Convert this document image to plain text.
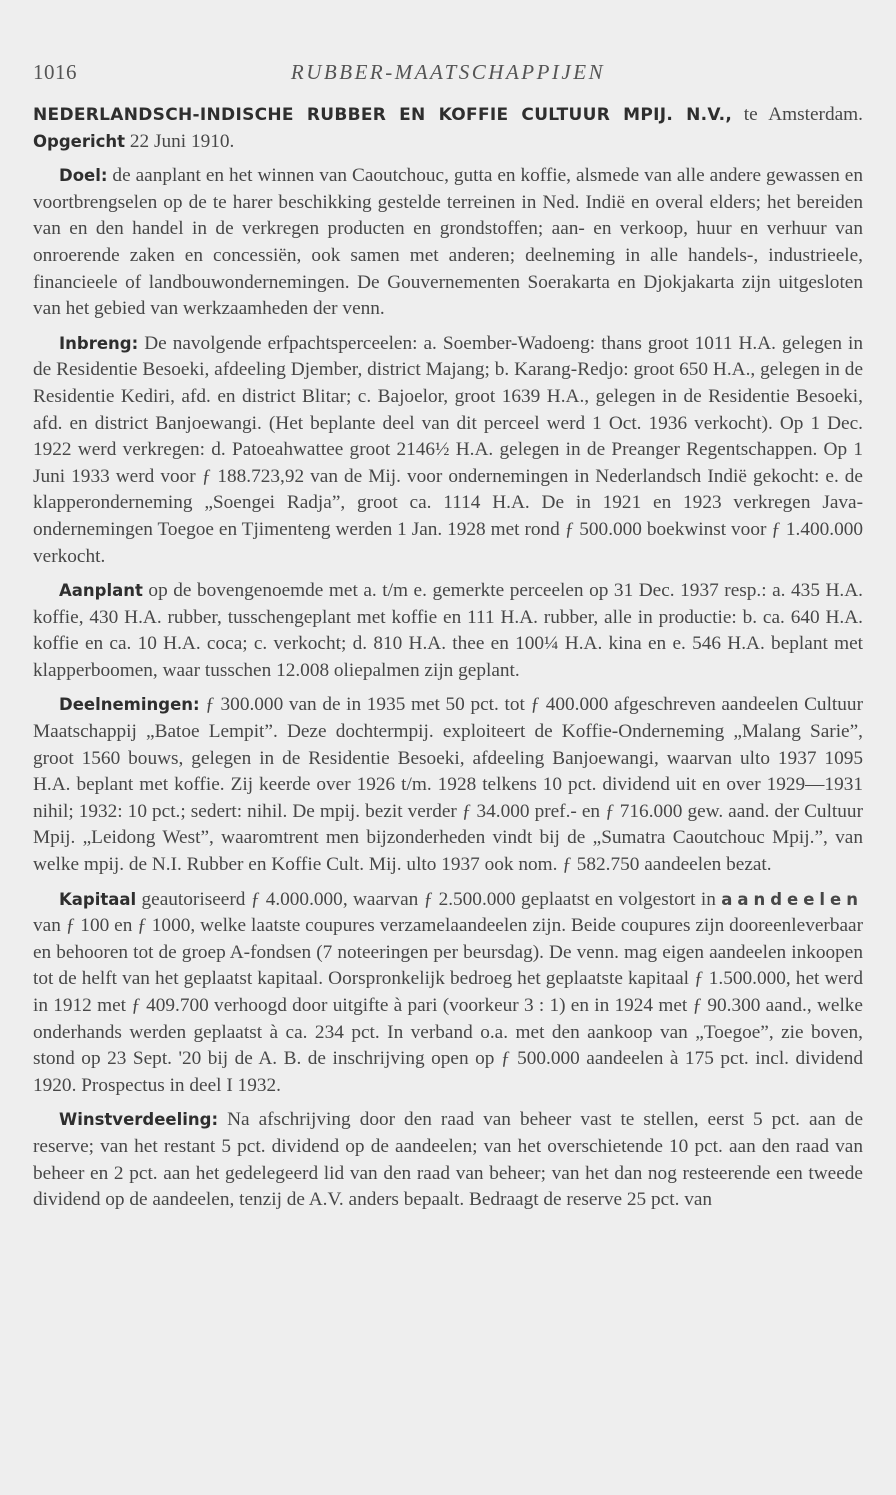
1016	RUBBER-MAATSCHAPPIJEN

NEDERLANDSCH-INDISCHE RUBBER EN KOFFIE CULTUUR MPIJ. N.V., te Amsterdam. Opgericht 22 Juni 1910.

Doel: de aanplant en het winnen van Caoutchouc, gutta en koffie, alsmede van alle andere gewassen en voortbrengselen op de te harer beschikking gestelde terreinen in Ned. Indië en overal elders; het bereiden van en den handel in de verkregen producten en grondstoffen; aan- en verkoop, huur en verhuur van onroerende zaken en concessiën, ook samen met anderen; deelneming in alle handels-, industrieele, financieele of landbouwondernemingen. De Gouvernementen Soerakarta en Djokjakarta zijn uitgesloten van het gebied van werkzaamheden der venn.

Inbreng: De navolgende erfpachtsperceelen: a. Soember-Wadoeng: thans groot 1011 H.A. gelegen in de Residentie Besoeki, afdeeling Djember, district Majang; b. Karang-Redjo: groot 650 H.A., gelegen in de Residentie Kediri, afd. en district Blitar; c. Bajoelor, groot 1639 H.A., gelegen in de Residentie Besoeki, afd. en district Banjoewangi. (Het beplante deel van dit perceel werd 1 Oct. 1936 verkocht). Op 1 Dec. 1922 werd verkregen: d. Patoeahwattee groot 2146½ H.A. gelegen in de Preanger Regentschappen. Op 1 Juni 1933 werd voor ƒ 188.723,92 van de Mij. voor ondernemingen in Nederlandsch Indië gekocht: e. de klapperonderneming „Soengei Radja”, groot ca. 1114 H.A. De in 1921 en 1923 verkregen Java-ondernemingen Toegoe en Tjimenteng werden 1 Jan. 1928 met rond ƒ 500.000 boekwinst voor ƒ 1.400.000 verkocht.

Aanplant op de bovengenoemde met a. t/m e. gemerkte perceelen op 31 Dec. 1937 resp.: a. 435 H.A. koffie, 430 H.A. rubber, tusschengeplant met koffie en 111 H.A. rubber, alle in productie: b. ca. 640 H.A. koffie en ca. 10 H.A. coca; c. verkocht; d. 810 H.A. thee en 100¼ H.A. kina en e. 546 H.A. beplant met klapperboomen, waar tusschen 12.008 oliepalmen zijn geplant.

Deelnemingen: ƒ 300.000 van de in 1935 met 50 pct. tot ƒ 400.000 afgeschreven aandeelen Cultuur Maatschappij „Batoe Lempit”. Deze dochtermpij. exploiteert de Koffie-Onderneming „Malang Sarie”, groot 1560 bouws, gelegen in de Residentie Besoeki, afdeeling Banjoewangi, waarvan ulto 1937 1095 H.A. beplant met koffie. Zij keerde over 1926 t/m. 1928 telkens 10 pct. dividend uit en over 1929—1931 nihil; 1932: 10 pct.; sedert: nihil. De mpij. bezit verder ƒ 34.000 pref.- en ƒ 716.000 gew. aand. der Cultuur Mpij. „Leidong West”, waaromtrent men bijzonderheden vindt bij de „Sumatra Caoutchouc Mpij.”, van welke mpij. de N.I. Rubber en Koffie Cult. Mij. ulto 1937 ook nom. ƒ 582.750 aandeelen bezat.

Kapitaal geautoriseerd ƒ 4.000.000, waarvan ƒ 2.500.000 geplaatst en volgestort in aandeelen van ƒ 100 en ƒ 1000, welke laatste coupures verzamelaandeelen zijn. Beide coupures zijn dooreenleverbaar en behooren tot de groep A-fondsen (7 noteeringen per beursdag). De venn. mag eigen aandeelen inkoopen tot de helft van het geplaatst kapitaal. Oorspronkelijk bedroeg het geplaatste kapitaal ƒ 1.500.000, het werd in 1912 met ƒ 409.700 verhoogd door uitgifte à pari (voorkeur 3 : 1) en in 1924 met ƒ 90.300 aand., welke onderhands werden geplaatst à ca. 234 pct. In verband o.a. met den aankoop van „Toegoe”, zie boven, stond op 23 Sept. '20 bij de A. B. de inschrijving open op ƒ 500.000 aandeelen à 175 pct. incl. dividend 1920. Prospectus in deel I 1932.

Winstverdeeling: Na afschrijving door den raad van beheer vast te stellen, eerst 5 pct. aan de reserve; van het restant 5 pct. dividend op de aandeelen; van het overschietende 10 pct. aan den raad van beheer en 2 pct. aan het gedelegeerd lid van den raad van beheer; van het dan nog resteerende een tweede dividend op de aandeelen, tenzij de A.V. anders bepaalt. Bedraagt de reserve 25 pct. van
